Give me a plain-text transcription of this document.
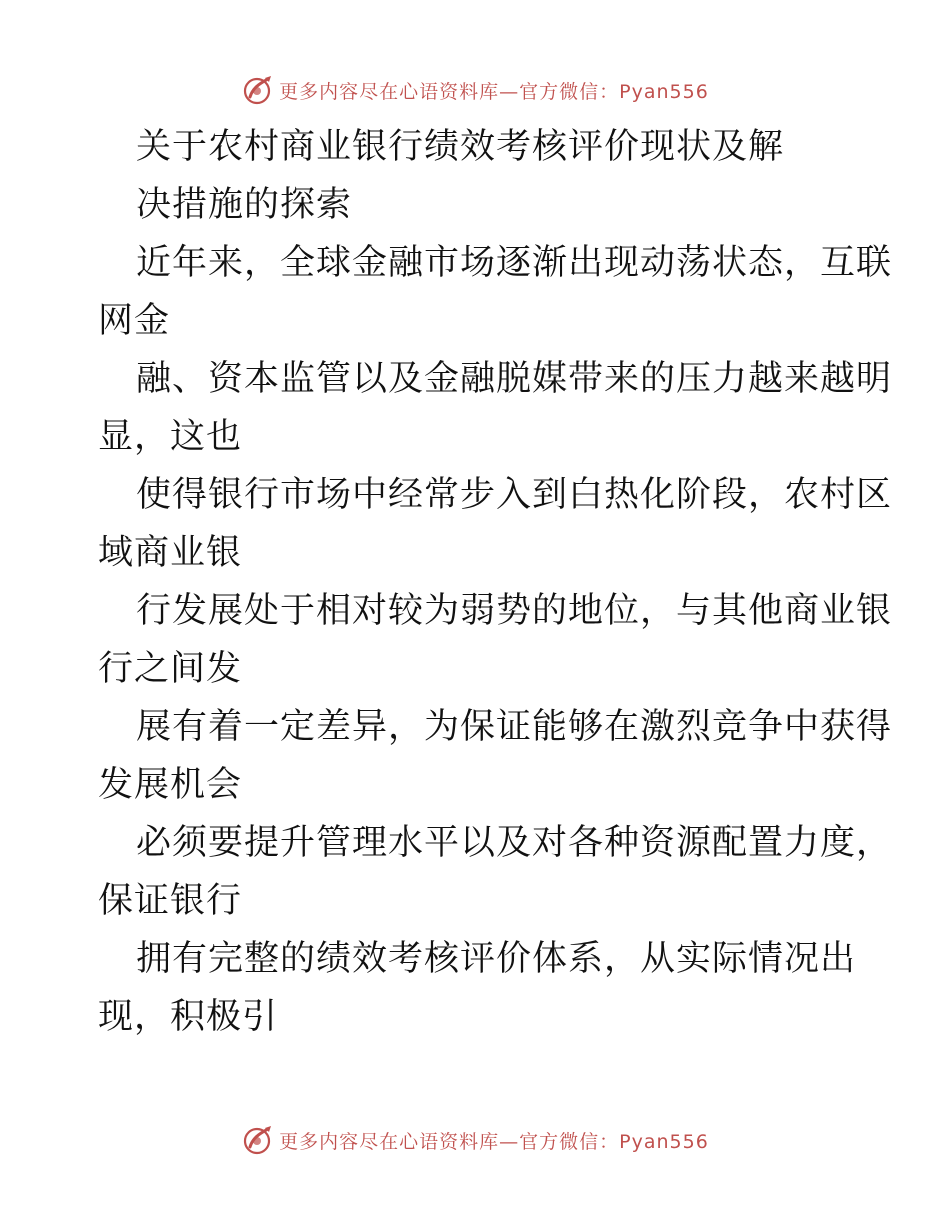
更多内容尽在心语资料库—官方微信：Pyan556
关于农村商业银行绩效考核评价现状及解
决措施的探索
近年来，全球金融市场逐渐出现动荡状态，互联
网金
融、资本监管以及金融脱媒带来的压力越来越明
显，这也
使得银行市场中经常步入到白热化阶段，农村区
域商业银
行发展处于相对较为弱势的地位，与其他商业银
行之间发
展有着一定差异，为保证能够在激烈竞争中获得
发展机会
必须要提升管理水平以及对各种资源配置力度，
保证银行
拥有完整的绩效考核评价体系，从实际情况出
现，积极引
更多内容尽在心语资料库—官方微信：Pyan556
